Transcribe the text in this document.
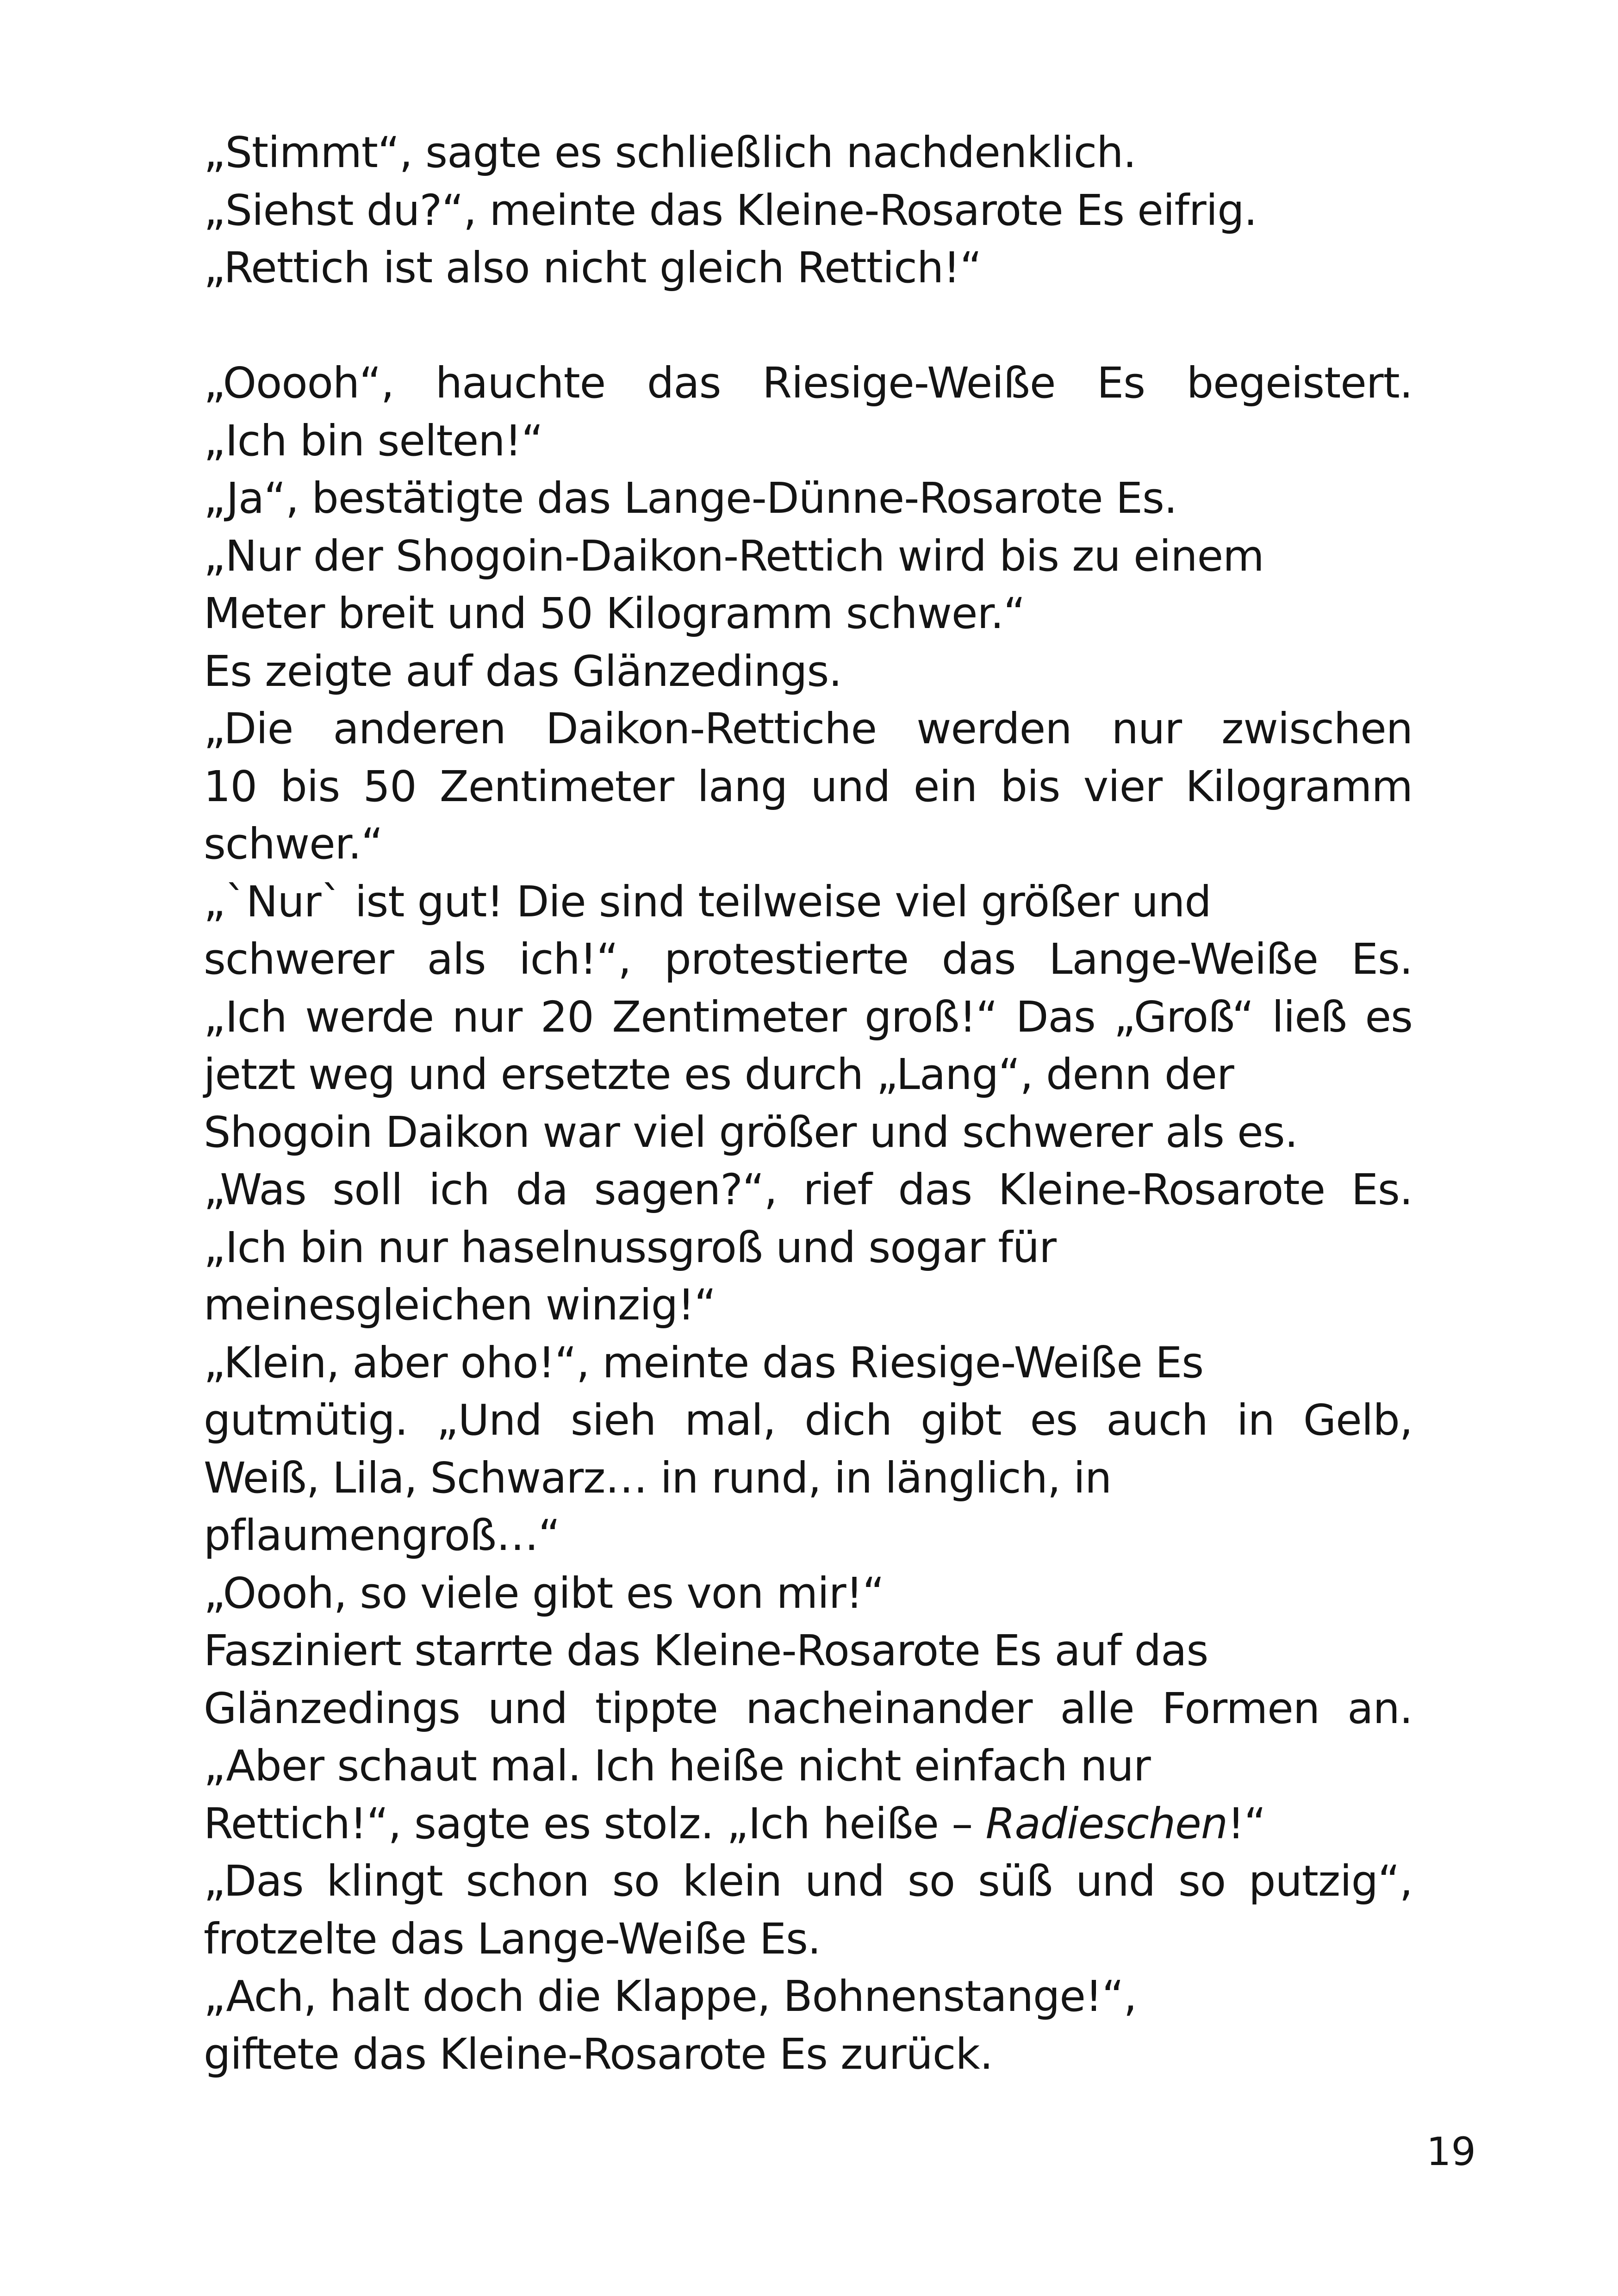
„Stimmt“, sagte es schließlich nachdenklich.
„Siehst du?“, meinte das Kleine-Rosarote Es eifrig.
„Rettich ist also nicht gleich Rettich!“
„Ooooh“, hauchte das Riesige-Weiße Es begeistert.
„Ich bin selten!“
„Ja“, bestätigte das Lange-Dünne-Rosarote Es.
„Nur der Shogoin-Daikon-Rettich wird bis zu einem
Meter breit und 50 Kilogramm schwer.“
Es zeigte auf das Glänzedings.
„Die anderen Daikon-Rettiche werden nur zwischen
10 bis 50 Zentimeter lang und ein bis vier Kilogramm
schwer.“
„`Nur` ist gut! Die sind teilweise viel größer und
schwerer als ich!“, protestierte das Lange-Weiße Es.
„Ich werde nur 20 Zentimeter groß!“ Das „Groß“ ließ es
jetzt weg und ersetzte es durch „Lang“, denn der
Shogoin Daikon war viel größer und schwerer als es.
„Was soll ich da sagen?“, rief das Kleine-Rosarote Es.
„Ich bin nur haselnussgroß und sogar für
meinesgleichen winzig!“
„Klein, aber oho!“, meinte das Riesige-Weiße Es
gutmütig. „Und sieh mal, dich gibt es auch in Gelb,
Weiß, Lila, Schwarz… in rund, in länglich, in
pflaumengroß…“
„Oooh, so viele gibt es von mir!“
Fasziniert starrte das Kleine-Rosarote Es auf das
Glänzedings und tippte nacheinander alle Formen an.
„Aber schaut mal. Ich heiße nicht einfach nur
Rettich!“, sagte es stolz. „Ich heiße – Radieschen!“
„Das klingt schon so klein und so süß und so putzig“,
frotzelte das Lange-Weiße Es.
„Ach, halt doch die Klappe, Bohnenstange!“,
giftete das Kleine-Rosarote Es zurück.
19
